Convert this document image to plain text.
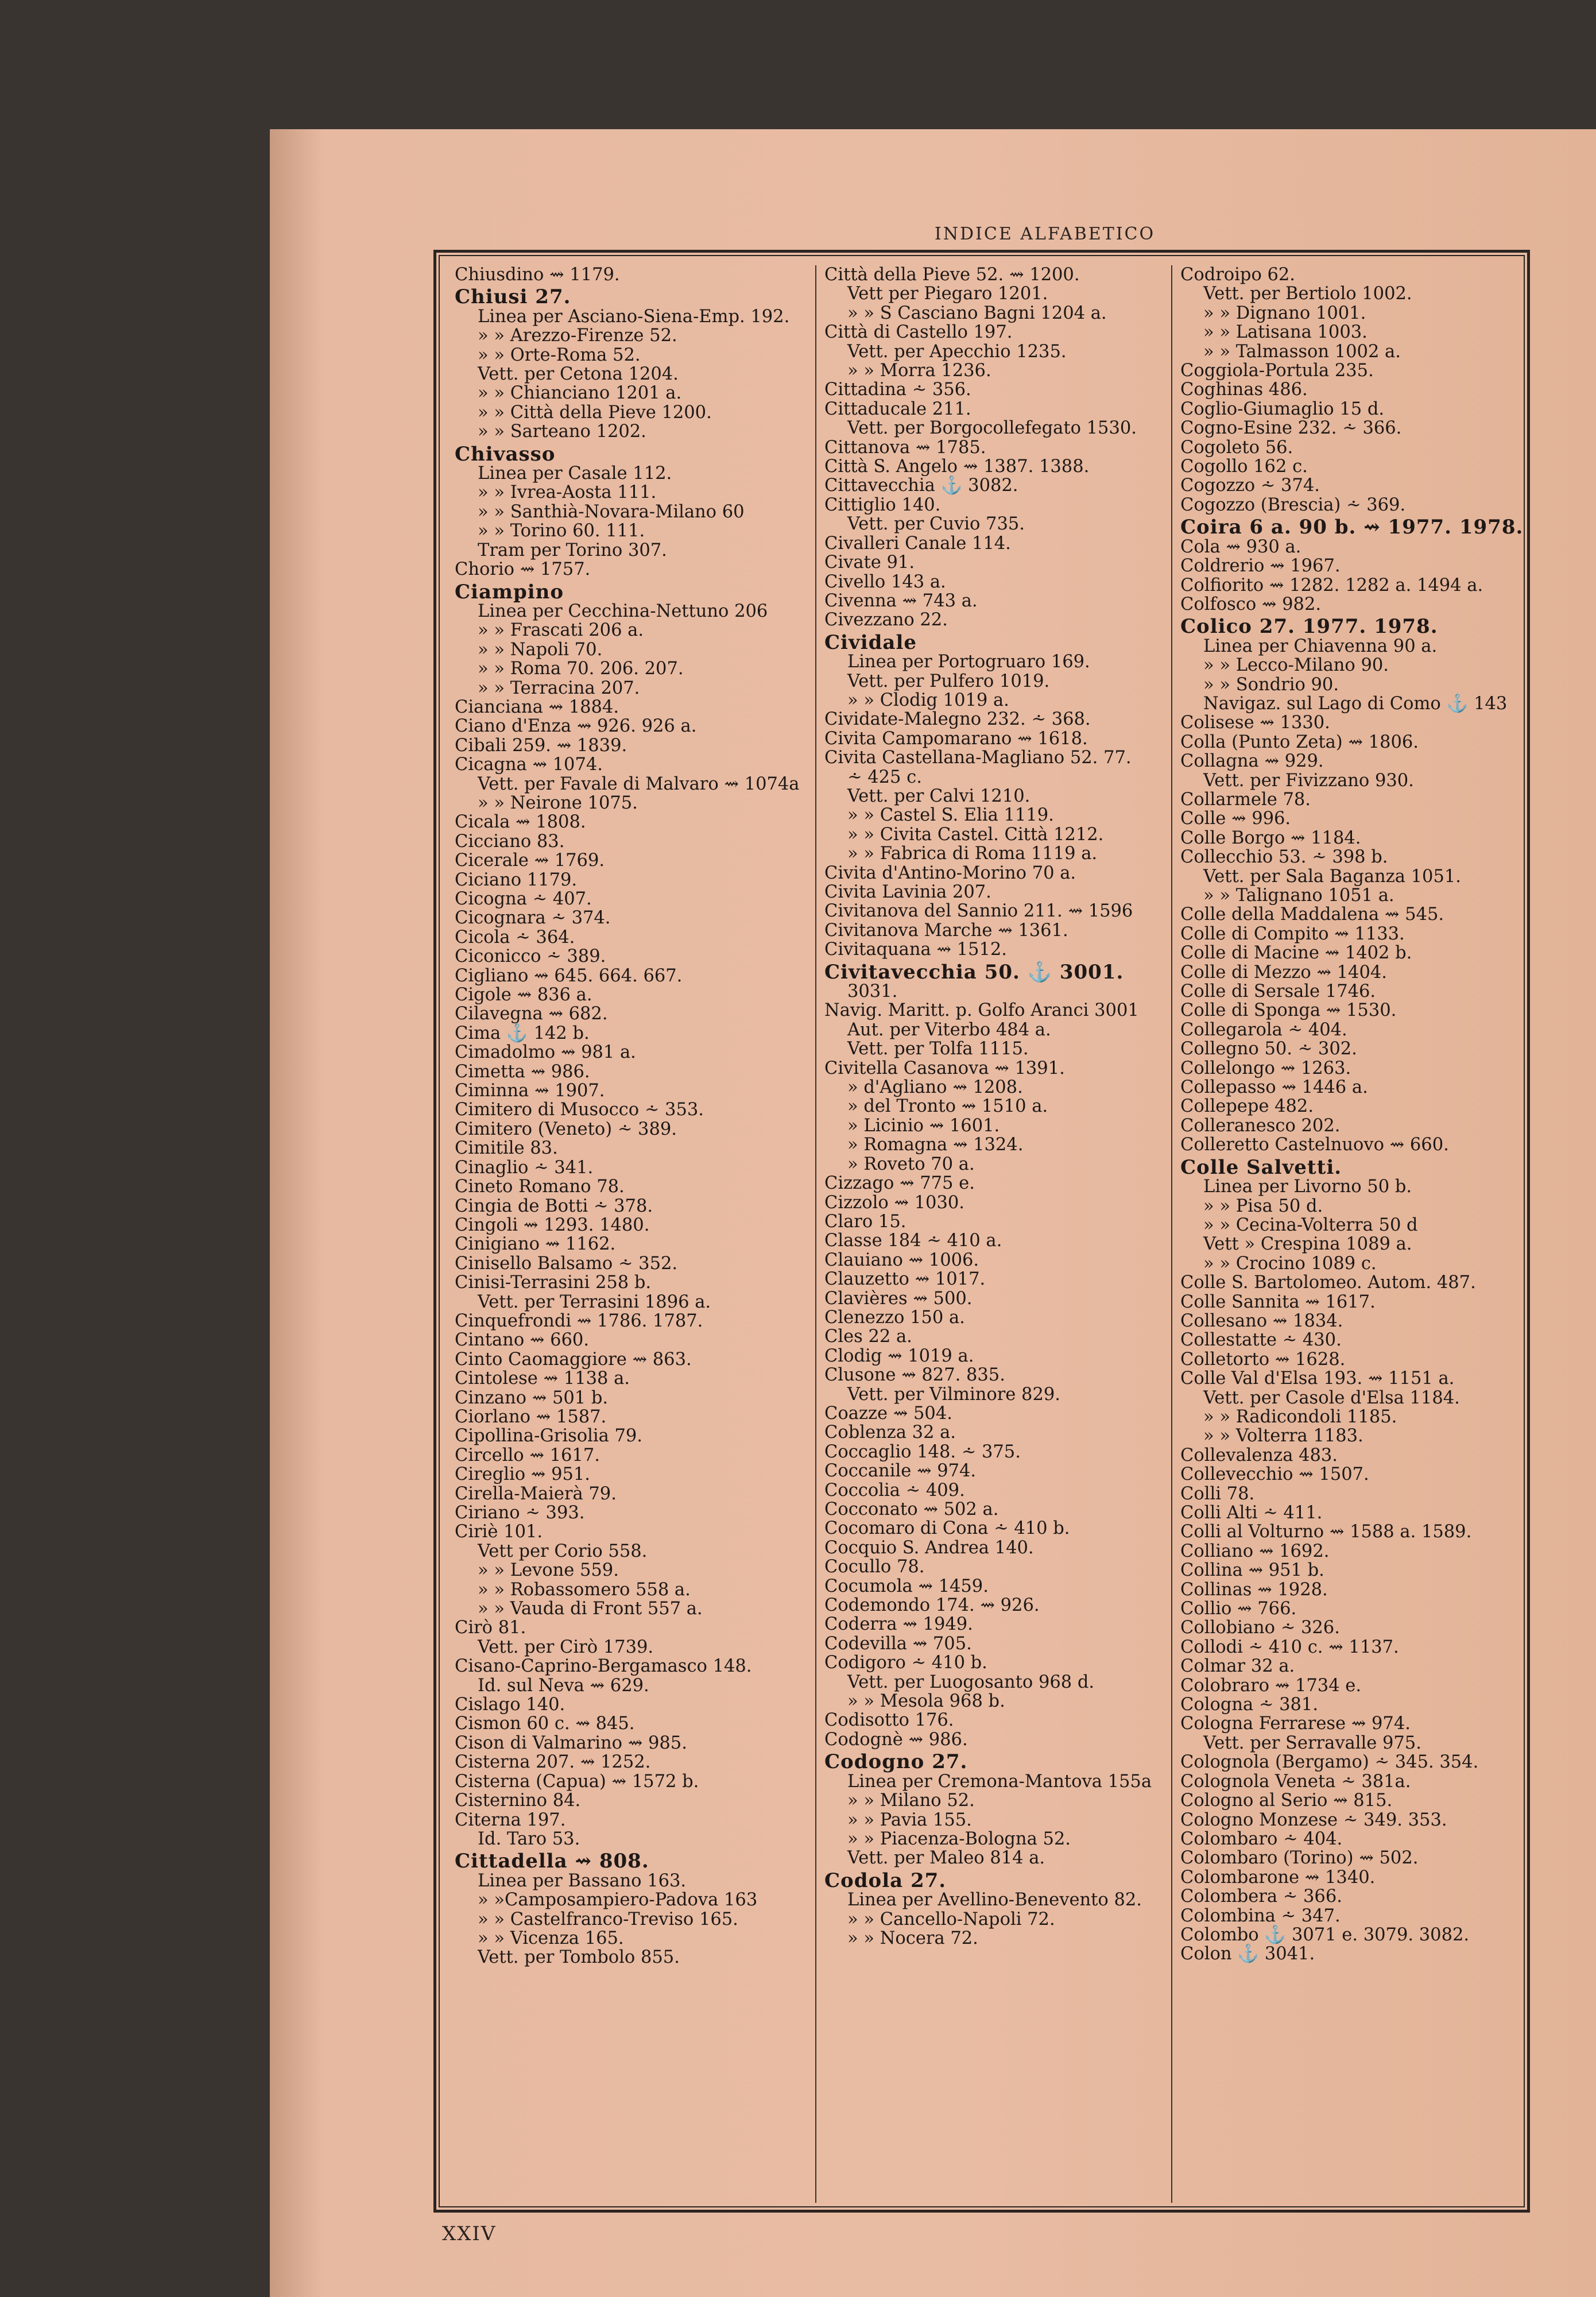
INDICE ALFABETICO
Chiusdino ⇝ 1179.
Chiusi 27.
Linea per Asciano-Siena-Emp. 192.
» » Arezzo-Firenze 52.
» » Orte-Roma 52.
Vett. per Cetona 1204.
» » Chianciano 1201 a.
» » Città della Pieve 1200.
» » Sarteano 1202.
Chivasso
Linea per Casale 112.
» » Ivrea-Aosta 111.
» » Santhià-Novara-Milano 60
» » Torino 60. 111.
Tram per Torino 307.
Chorio ⇝ 1757.
Ciampino
Linea per Cecchina-Nettuno 206
» » Frascati 206 a.
» » Napoli 70.
» » Roma 70. 206. 207.
» » Terracina 207.
Cianciana ⇝ 1884.
Ciano d'Enza ⇝ 926. 926 a.
Cibali 259. ⇝ 1839.
Cicagna ⇝ 1074.
Vett. per Favale di Malvaro ⇝ 1074a
» » Neirone 1075.
Cicala ⇝ 1808.
Cicciano 83.
Cicerale ⇝ 1769.
Ciciano 1179.
Cicogna ⩪ 407.
Cicognara ⩪ 374.
Cicola ⩪ 364.
Ciconicco ⩪ 389.
Cigliano ⇝ 645. 664. 667.
Cigole ⇝ 836 a.
Cilavegna ⇝ 682.
Cima ⚓ 142 b.
Cimadolmo ⇝ 981 a.
Cimetta ⇝ 986.
Ciminna ⇝ 1907.
Cimitero di Musocco ⩪ 353.
Cimitero (Veneto) ⩪ 389.
Cimitile 83.
Cinaglio ⩪ 341.
Cineto Romano 78.
Cingia de Botti ⩪ 378.
Cingoli ⇝ 1293. 1480.
Cinigiano ⇝ 1162.
Cinisello Balsamo ⩪ 352.
Cinisi-Terrasini 258 b.
Vett. per Terrasini 1896 a.
Cinquefrondi ⇝ 1786. 1787.
Cintano ⇝ 660.
Cinto Caomaggiore ⇝ 863.
Cintolese ⇝ 1138 a.
Cinzano ⇝ 501 b.
Ciorlano ⇝ 1587.
Cipollina-Grisolia 79.
Circello ⇝ 1617.
Cireglio ⇝ 951.
Cirella-Maierà 79.
Ciriano ⩪ 393.
Ciriè 101.
Vett per Corio 558.
» » Levone 559.
» » Robassomero 558 a.
» » Vauda di Front 557 a.
Cirò 81.
Vett. per Cirò 1739.
Cisano-Caprino-Bergamasco 148.
Id. sul Neva ⇝ 629.
Cislago 140.
Cismon 60 c. ⇝ 845.
Cison di Valmarino ⇝ 985.
Cisterna 207. ⇝ 1252.
Cisterna (Capua) ⇝ 1572 b.
Cisternino 84.
Citerna 197.
Id. Taro 53.
Cittadella ⇝ 808.
Linea per Bassano 163.
» »Camposampiero-Padova 163
» » Castelfranco-Treviso 165.
» » Vicenza 165.
Vett. per Tombolo 855.
Città della Pieve 52. ⇝ 1200.
Vett per Piegaro 1201.
» » S Casciano Bagni 1204 a.
Città di Castello 197.
Vett. per Apecchio 1235.
» » Morra 1236.
Cittadina ⩪ 356.
Cittaducale 211.
Vett. per Borgocollefegato 1530.
Cittanova ⇝ 1785.
Città S. Angelo ⇝ 1387. 1388.
Cittavecchia ⚓ 3082.
Cittiglio 140.
Vett. per Cuvio 735.
Civalleri Canale 114.
Civate 91.
Civello 143 a.
Civenna ⇝ 743 a.
Civezzano 22.
Cividale
Linea per Portogruaro 169.
Vett. per Pulfero 1019.
» » Clodig 1019 a.
Cividate-Malegno 232. ⩪ 368.
Civita Campomarano ⇝ 1618.
Civita Castellana-Magliano 52. 77.
⩪ 425 c.
Vett. per Calvi 1210.
» » Castel S. Elia 1119.
» » Civita Castel. Città 1212.
» » Fabrica di Roma 1119 a.
Civita d'Antino-Morino 70 a.
Civita Lavinia 207.
Civitanova del Sannio 211. ⇝ 1596
Civitanova Marche ⇝ 1361.
Civitaquana ⇝ 1512.
Civitavecchia 50. ⚓ 3001.
3031.
Navig. Maritt. p. Golfo Aranci 3001
Aut. per Viterbo 484 a.
Vett. per Tolfa 1115.
Civitella Casanova ⇝ 1391.
» d'Agliano ⇝ 1208.
» del Tronto ⇝ 1510 a.
» Licinio ⇝ 1601.
» Romagna ⇝ 1324.
» Roveto 70 a.
Cizzago ⇝ 775 e.
Cizzolo ⇝ 1030.
Claro 15.
Classe 184 ⩪ 410 a.
Clauiano ⇝ 1006.
Clauzetto ⇝ 1017.
Clavières ⇝ 500.
Clenezzo 150 a.
Cles 22 a.
Clodig ⇝ 1019 a.
Clusone ⇝ 827. 835.
Vett. per Vilminore 829.
Coazze ⇝ 504.
Coblenza 32 a.
Coccaglio 148. ⩪ 375.
Coccanile ⇝ 974.
Coccolia ⩪ 409.
Cocconato ⇝ 502 a.
Cocomaro di Cona ⩪ 410 b.
Cocquio S. Andrea 140.
Cocullo 78.
Cocumola ⇝ 1459.
Codemondo 174. ⇝ 926.
Coderra ⇝ 1949.
Codevilla ⇝ 705.
Codigoro ⩪ 410 b.
Vett. per Luogosanto 968 d.
» » Mesola 968 b.
Codisotto 176.
Codognè ⇝ 986.
Codogno 27.
Linea per Cremona-Mantova 155a
» » Milano 52.
» » Pavia 155.
» » Piacenza-Bologna 52.
Vett. per Maleo 814 a.
Codola 27.
Linea per Avellino-Benevento 82.
» » Cancello-Napoli 72.
» » Nocera 72.
Codroipo 62.
Vett. per Bertiolo 1002.
» » Dignano 1001.
» » Latisana 1003.
» » Talmasson 1002 a.
Coggiola-Portula 235.
Coghinas 486.
Coglio-Giumaglio 15 d.
Cogno-Esine 232. ⩪ 366.
Cogoleto 56.
Cogollo 162 c.
Cogozzo ⩪ 374.
Cogozzo (Brescia) ⩪ 369.
Coira 6 a. 90 b. ⇝ 1977. 1978.
Cola ⇝ 930 a.
Coldrerio ⇝ 1967.
Colfiorito ⇝ 1282. 1282 a. 1494 a.
Colfosco ⇝ 982.
Colico 27. 1977. 1978.
Linea per Chiavenna 90 a.
» » Lecco-Milano 90.
» » Sondrio 90.
Navigaz. sul Lago di Como ⚓ 143
Colisese ⇝ 1330.
Colla (Punto Zeta) ⇝ 1806.
Collagna ⇝ 929.
Vett. per Fivizzano 930.
Collarmele 78.
Colle ⇝ 996.
Colle Borgo ⇝ 1184.
Collecchio 53. ⩪ 398 b.
Vett. per Sala Baganza 1051.
» » Talignano 1051 a.
Colle della Maddalena ⇝ 545.
Colle di Compito ⇝ 1133.
Colle di Macine ⇝ 1402 b.
Colle di Mezzo ⇝ 1404.
Colle di Sersale 1746.
Colle di Sponga ⇝ 1530.
Collegarola ⩪ 404.
Collegno 50. ⩪ 302.
Collelongo ⇝ 1263.
Collepasso ⇝ 1446 a.
Collepepe 482.
Colleranesco 202.
Colleretto Castelnuovo ⇝ 660.
Colle Salvetti.
Linea per Livorno 50 b.
» » Pisa 50 d.
» » Cecina-Volterra 50 d
Vett » Crespina 1089 a.
» » Crocino 1089 c.
Colle S. Bartolomeo. Autom. 487.
Colle Sannita ⇝ 1617.
Collesano ⇝ 1834.
Collestatte ⩪ 430.
Colletorto ⇝ 1628.
Colle Val d'Elsa 193. ⇝ 1151 a.
Vett. per Casole d'Elsa 1184.
» » Radicondoli 1185.
» » Volterra 1183.
Collevalenza 483.
Collevecchio ⇝ 1507.
Colli 78.
Colli Alti ⩪ 411.
Colli al Volturno ⇝ 1588 a. 1589.
Colliano ⇝ 1692.
Collina ⇝ 951 b.
Collinas ⇝ 1928.
Collio ⇝ 766.
Collobiano ⩪ 326.
Collodi ⩪ 410 c. ⇝ 1137.
Colmar 32 a.
Colobraro ⇝ 1734 e.
Cologna ⩪ 381.
Cologna Ferrarese ⇝ 974.
Vett. per Serravalle 975.
Colognola (Bergamo) ⩪ 345. 354.
Colognola Veneta ⩪ 381a.
Cologno al Serio ⇝ 815.
Cologno Monzese ⩪ 349. 353.
Colombaro ⩪ 404.
Colombaro (Torino) ⇝ 502.
Colombarone ⇝ 1340.
Colombera ⩪ 366.
Colombina ⩪ 347.
Colombo ⚓ 3071 e. 3079. 3082.
Colon ⚓ 3041.
XXIV
